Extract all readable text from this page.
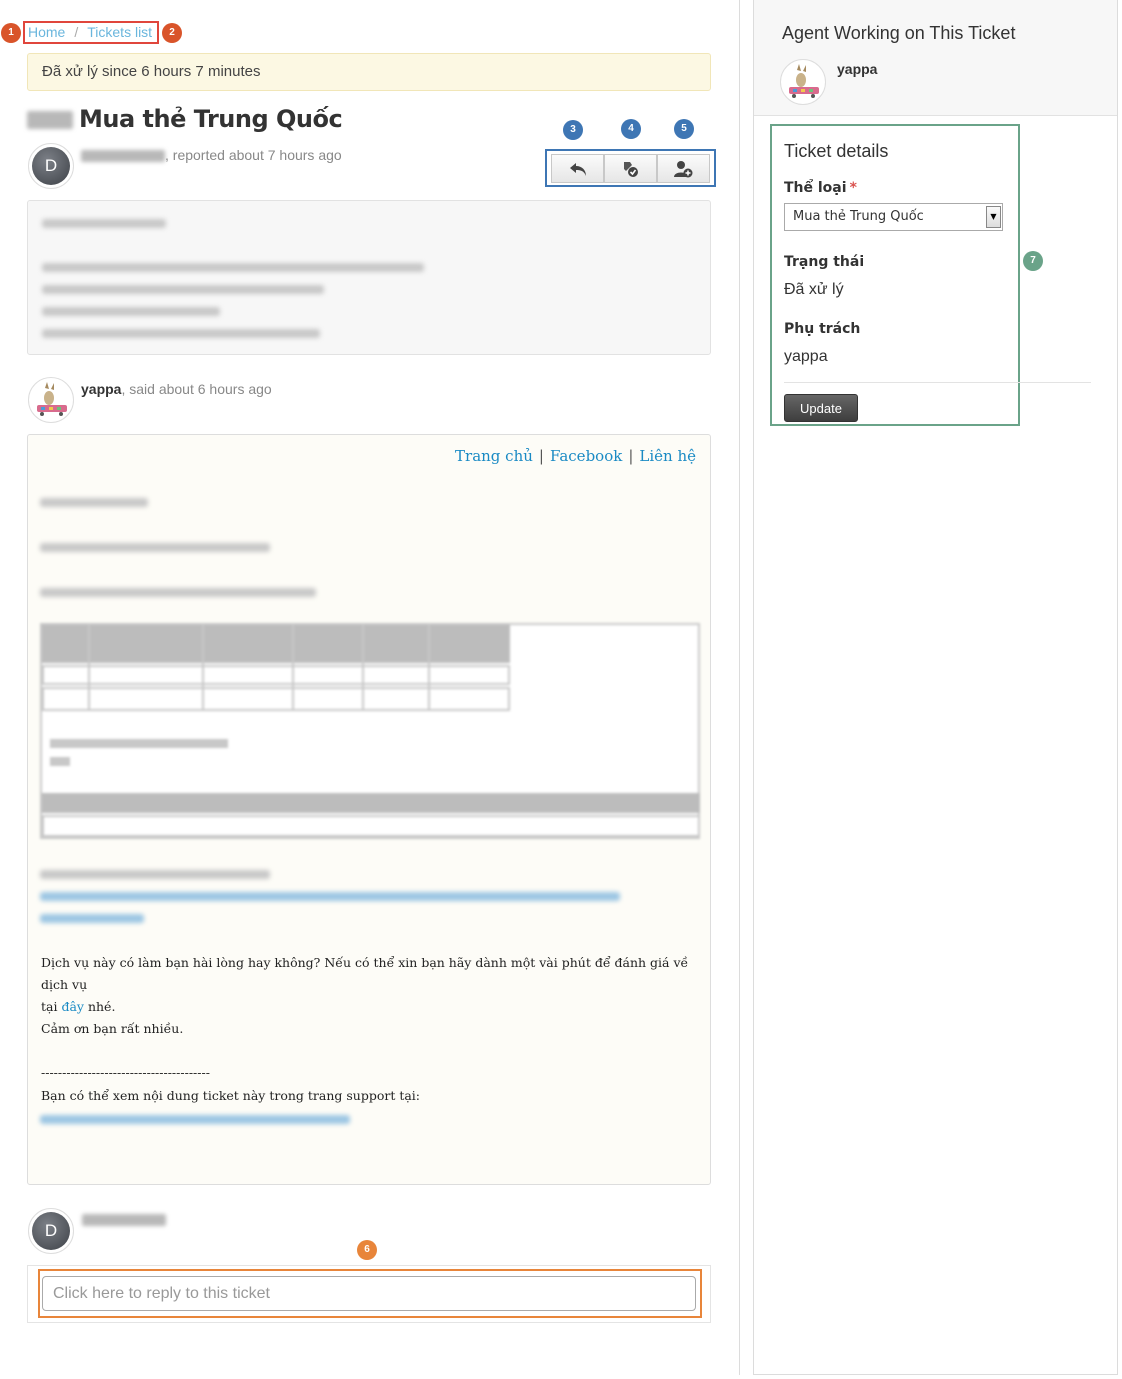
1	Home / Tickets list	2
Đã xử lý since 6 hours 7 minutes
Mua thẻ Trung Quốc	3	4	5
D
, reported about 7 hours ago
yappa, said about 6 hours ago
Trang chủ | Facebook | Liên hệ
Dịch vụ này có làm bạn hài lòng hay không? Nếu có thể xin bạn hãy dành một vài phút để đánh giá về dịch vụ
tại đây nhé.
Cảm ơn bạn rất nhiều.
----------------------------------------
Bạn có thể xem nội dung ticket này trong trang support tại:
D
6
Click here to reply to this ticket
Agent Working on This Ticket
yappa
Ticket details
Thể loại *
Mua thẻ Trung Quốc	▼
Trạng thái
Đã xử lý
Phụ trách
yappa
Update
7
